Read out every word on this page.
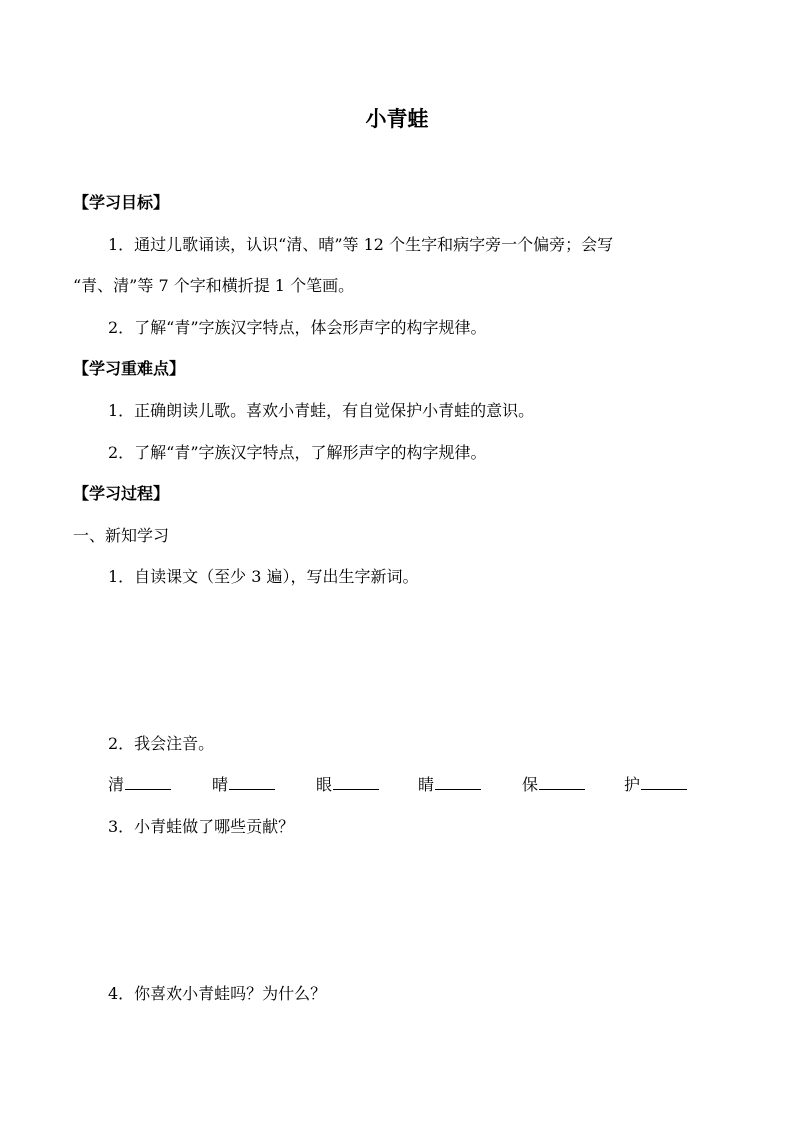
小青蛙
【学习目标】
1．通过儿歌诵读，认识“清、晴”等 12 个生字和病字旁一个偏旁；会写
“青、清”等 7 个字和横折提 1 个笔画。
2．了解“青”字族汉字特点，体会形声字的构字规律。
【学习重难点】
1．正确朗读儿歌。喜欢小青蛙，有自觉保护小青蛙的意识。
2．了解“青”字族汉字特点，了解形声字的构字规律。
【学习过程】
一、新知学习
1．自读课文（至少 3 遍），写出生字新词。
2．我会注音。
清	晴	眼	睛	保	护
3．小青蛙做了哪些贡献？
4．你喜欢小青蛙吗？为什么？
